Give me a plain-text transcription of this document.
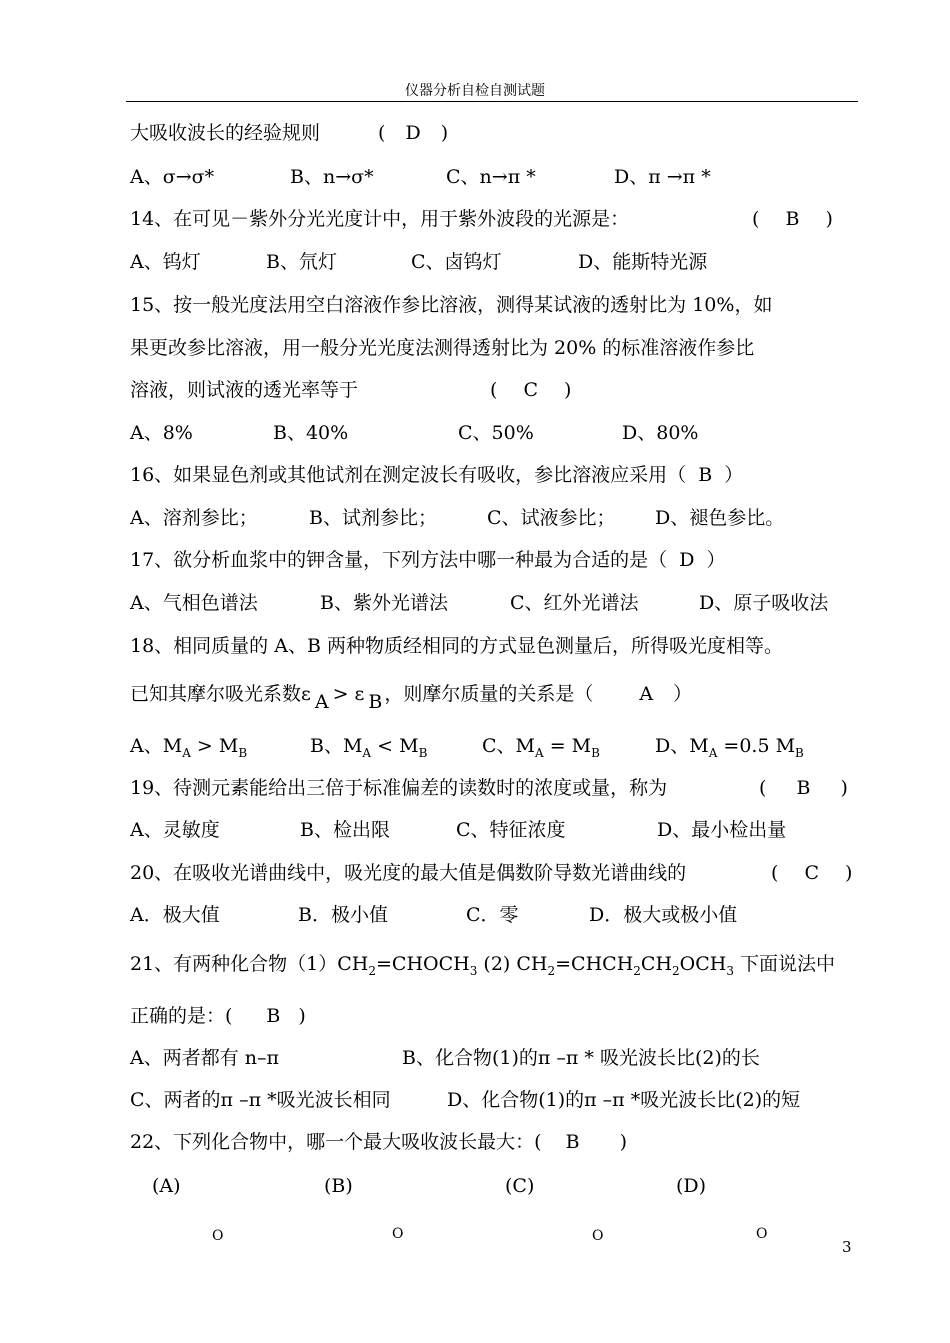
仪器分析自检自测试题
大吸收波长的经验规则	( D )
A、σ→σ*	B、n→σ*	C、n→π *	D、π →π *
14、在可见－紫外分光光度计中，用于紫外波段的光源是：	( B )
A、钨灯	B、氘灯	C、卤钨灯	D、能斯特光源
15、按一般光度法用空白溶液作参比溶液，测得某试液的透射比为 10%，如
果更改参比溶液，用一般分光光度法测得透射比为 20% 的标准溶液作参比
溶液，则试液的透光率等于	( C )
A、8%	B、40%	C、50%	D、80%
16、如果显色剂或其他试剂在测定波长有吸收，参比溶液应采用（ B ）
A、溶剂参比；	B、试剂参比；	C、试液参比； D、褪色参比。
17、欲分析血浆中的钾含量，下列方法中哪一种最为合适的是（ D ）
A、气相色谱法	B、紫外光谱法	C、红外光谱法	D、原子吸收法
18、相同质量的 A、B 两种物质经相同的方式显色测量后，所得吸光度相等。
已知其摩尔吸光系数ε A > ε B ，则摩尔质量的关系是（ A ）
A、$M_A > M_B$	B、$M_A < M_B$	C、$M_A = M_B$	D、$M_A =0.5$ $M_B$
19、待测元素能给出三倍于标准偏差的读数时的浓度或量，称为	( B )
A、灵敏度	B、检出限	C、特征浓度	D、最小检出量
20、在吸收光谱曲线中，吸光度的最大值是偶数阶导数光谱曲线的	( C )
A．极大值	B．极小值	C．零	D．极大或极小值
21、有两种化合物$(1)CH_2=CHOCH_3$ (2) $CH_2=CHCH_2CH_2OCH_3$ 下面说法中
正确的是：( B )
A、两者都有 n–π	B、化合物(1)的π –π * 吸光波长比(2)的长
C、两者的π –π *吸光波长相同	D、化合物(1)的π –π *吸光波长比(2)的短
22、下列化合物中，哪一个最大吸收波长最大：( B )
(A)	(B)	(C)	(D)
O	O	O	O
3
